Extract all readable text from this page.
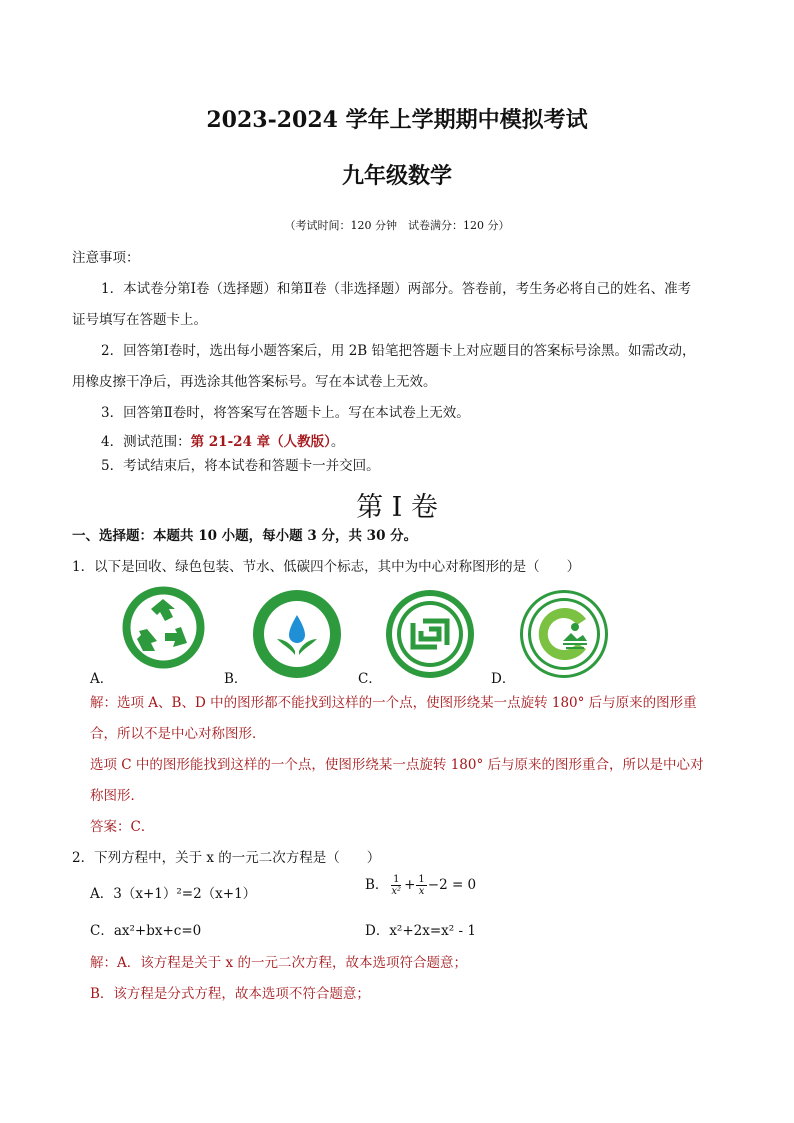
2023-2024 学年上学期期中模拟考试
九年级数学
（考试时间：120 分钟　试卷满分：120 分）
注意事项：
1．本试卷分第Ⅰ卷（选择题）和第Ⅱ卷（非选择题）两部分。答卷前，考生务必将自己的姓名、准考
证号填写在答题卡上。
2．回答第Ⅰ卷时，选出每小题答案后，用 2B 铅笔把答题卡上对应题目的答案标号涂黑。如需改动，
用橡皮擦干净后，再选涂其他答案标号。写在本试卷上无效。
3．回答第Ⅱ卷时，将答案写在答题卡上。写在本试卷上无效。
4．测试范围：第 21-24 章（人教版）。
5．考试结束后，将本试卷和答题卡一并交回。
第 I 卷
一、选择题：本题共 10 小题，每小题 3 分，共 30 分。
1．以下是回收、绿色包装、节水、低碳四个标志，其中为中心对称图形的是（　　）
A．	B．	C．	D．
解：选项 A、B、D 中的图形都不能找到这样的一个点，使图形绕某一点旋转 180° 后与原来的图形重
合，所以不是中心对称图形．
选项 C 中的图形能找到这样的一个点，使图形绕某一点旋转 180° 后与原来的图形重合，所以是中心对
称图形．
答案：C．
2．下列方程中，关于 x 的一元二次方程是（　　）
A．3（x+1）²=2（x+1）
B． $\frac{1}{\text{x²}} + \frac{1}{x} -2 = 0$
C．ax²+bx+c=0	D．x²+2x=x² - 1
解：A．该方程是关于 x 的一元二次方程，故本选项符合题意；
B．该方程是分式方程，故本选项不符合题意；
